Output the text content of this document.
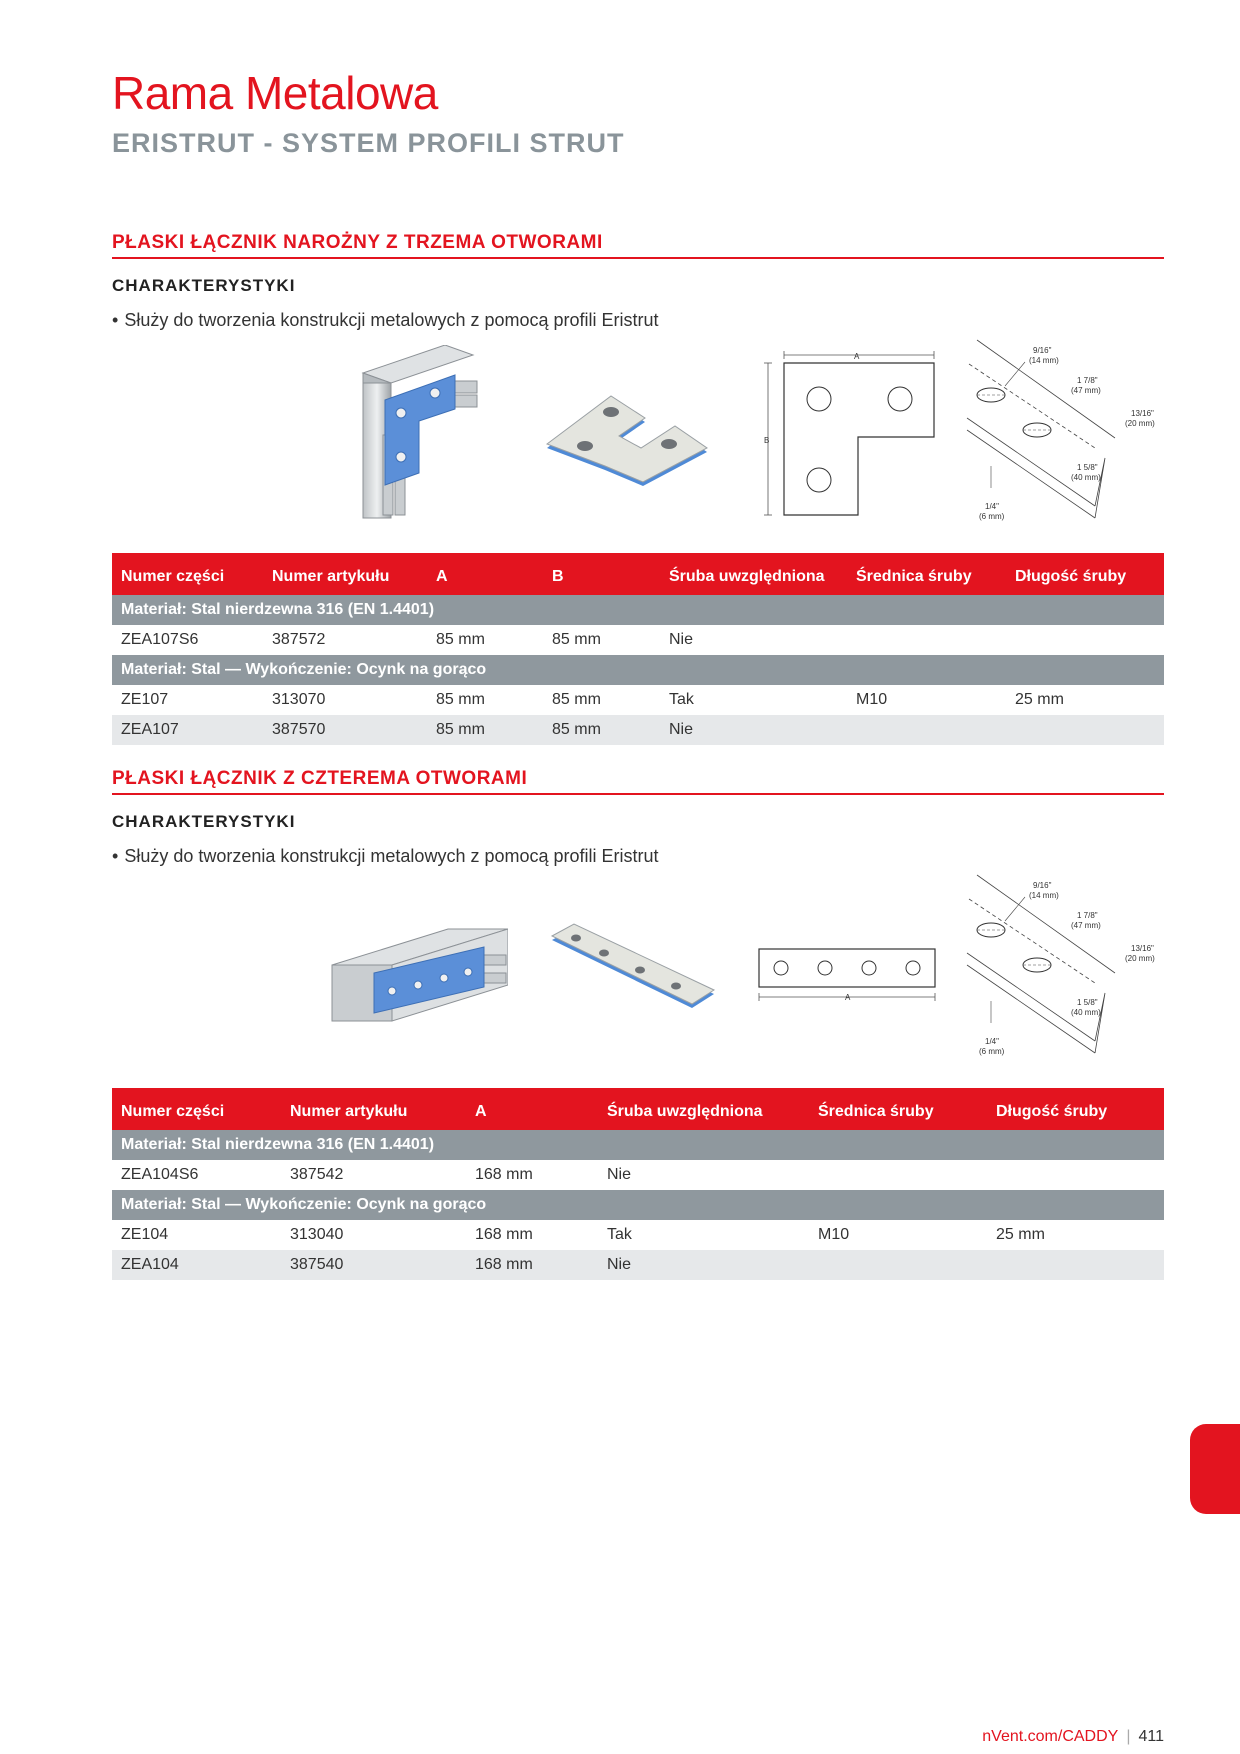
Rama Metalowa
ERISTRUT - SYSTEM PROFILI STRUT
PŁASKI ŁĄCZNIK NAROŻNY Z TRZEMA OTWORAMI
CHARAKTERYSTYKI
• Służy do tworzenia konstrukcji metalowych z pomocą profili Eristrut
A
B
9/16"
(14 mm)
1 7/8"
(47 mm)
13/16"
(20 mm)
1 5/8"
(40 mm)
1/4"
(6 mm)
Numer części	Numer artykułu	A	B	Śruba uwzględniona	Średnica śruby	Długość śruby
Materiał: Stal nierdzewna 316 (EN 1.4401)						
ZEA107S6	387572	85 mm	85 mm	Nie		
Materiał: Stal — Wykończenie: Ocynk na gorąco						
ZE107	313070	85 mm	85 mm	Tak	M10	25 mm
ZEA107	387570	85 mm	85 mm	Nie		
PŁASKI ŁĄCZNIK Z CZTEREMA OTWORAMI
CHARAKTERYSTYKI
• Służy do tworzenia konstrukcji metalowych z pomocą profili Eristrut
A
9/16"
(14 mm)
1 7/8"
(47 mm)
13/16"
(20 mm)
1 5/8"
(40 mm)
1/4"
(6 mm)
Numer części	Numer artykułu	A	Śruba uwzględniona	Średnica śruby	Długość śruby
Materiał: Stal nierdzewna 316 (EN 1.4401)					
ZEA104S6	387542	168 mm	Nie		
Materiał: Stal — Wykończenie: Ocynk na gorąco					
ZE104	313040	168 mm	Tak	M10	25 mm
ZEA104	387540	168 mm	Nie		
nVent.com/CADDY | 411
